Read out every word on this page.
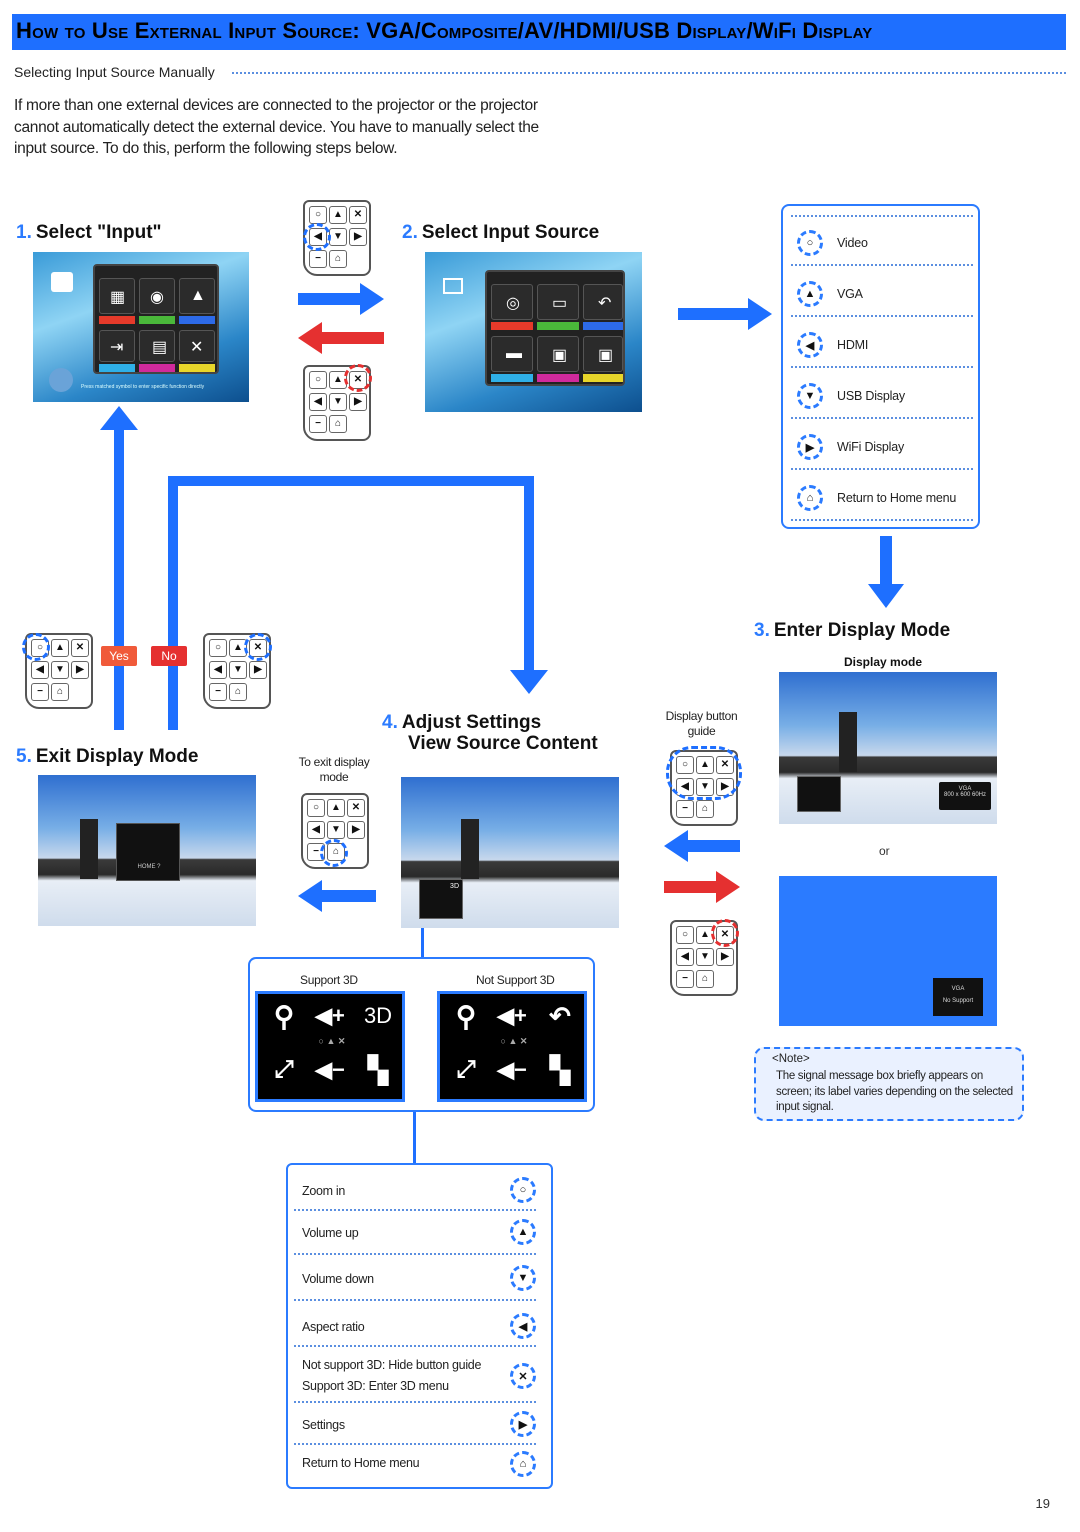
How to Use External Input Source: VGA/Composite/AV/HDMI/USB Display/WiFi Display
Selecting Input Source Manually
If more than one external devices are connected to the projector or the projector cannot automatically detect the external device. You have to manually select the input source. To do this, perform the following steps below.
1. Select "Input"
▦ ◉ ▲
⇥ ▤ ✕
Press matched symbol to enter specific function directly
○	▲	✕
◀	▼	▶
−	⌂
○	▲	✕
◀	▼	▶
−	⌂
2. Select Input Source
◎ ▭ ↶
▬ ▣ ▣
○	Video
▲	VGA
◀	HDMI
▼	USB Display
▶	WiFi Display
⌂	Return to Home menu
3. Enter Display Mode
Display mode
VGA
800 x 600 60Hz
or
VGA
No Support
<Note>
The signal message box briefly appears on screen; its label varies depending on the selected input signal.
Display button guide
○	▲	✕
◀	▼	▶
−	⌂
○	▲	✕
◀	▼	▶
−	⌂
○	▲	✕
◀	▼	▶
−	⌂
Yes	No
○	▲	✕
◀	▼	▶
−	⌂
4. Adjust Settings
View Source Content
3D
5. Exit Display Mode
HOME ?
To exit display mode
○	▲	✕
◀	▼	▶
−	⌂
Support 3D	Not Support 3D
⚲ ◀+ 3D
○ ▲ ✕
⤢ ◀− ▚
⚲ ◀+ ↶
○ ▲ ✕
⤢ ◀− ▚
Zoom in	○
Volume up	▲
Volume down	▼
Aspect ratio	◀
Not support 3D: Hide button guide
Support 3D: Enter 3D menu
✕
Settings	▶
Return to Home menu	⌂
19
